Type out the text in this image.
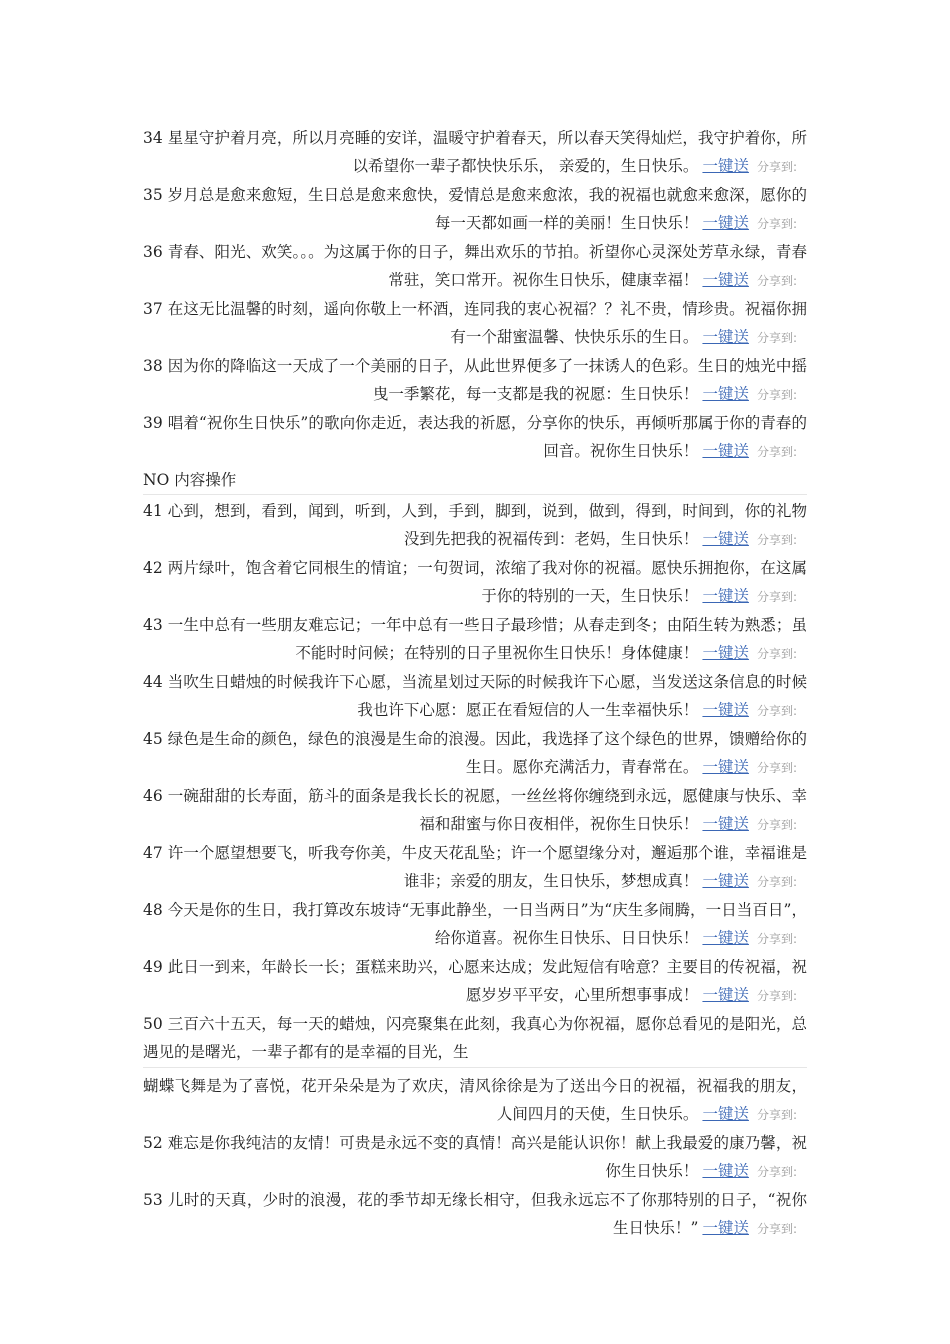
34 星星守护着月亮，所以月亮睡的安详，温暖守护着春天，所以春天笑得灿烂，我守护着你，所以希望你一辈子都快快乐乐， 亲爱的，生日快乐。 一键送 分享到:
35 岁月总是愈来愈短，生日总是愈来愈快，爱情总是愈来愈浓，我的祝福也就愈来愈深，愿你的每一天都如画一样的美丽！生日快乐！ 一键送 分享到:
36 青春、阳光、欢笑。。。为这属于你的日子，舞出欢乐的节拍。祈望你心灵深处芳草永绿，青春常驻，笑口常开。祝你生日快乐，健康幸福！ 一键送 分享到:
37 在这无比温馨的时刻，遥向你敬上一杯酒，连同我的衷心祝福？？礼不贵，情珍贵。祝福你拥有一个甜蜜温馨、快快乐乐的生日。 一键送 分享到:
38 因为你的降临这一天成了一个美丽的日子，从此世界便多了一抹诱人的色彩。生日的烛光中摇曳一季繁花，每一支都是我的祝愿：生日快乐！ 一键送 分享到:
39 唱着“祝你生日快乐”的歌向你走近，表达我的祈愿，分享你的快乐，再倾听那属于你的青春的回音。祝你生日快乐！ 一键送 分享到:
NO 内容操作
41 心到，想到，看到，闻到，听到，人到，手到，脚到，说到，做到，得到，时间到，你的礼物没到先把我的祝福传到：老妈，生日快乐！ 一键送 分享到:
42 两片绿叶，饱含着它同根生的情谊；一句贺词，浓缩了我对你的祝福。愿快乐拥抱你，在这属于你的特别的一天，生日快乐！ 一键送 分享到:
43 一生中总有一些朋友难忘记；一年中总有一些日子最珍惜；从春走到冬；由陌生转为熟悉；虽不能时时问候；在特别的日子里祝你生日快乐！身体健康！ 一键送 分享到:
44 当吹生日蜡烛的时候我许下心愿，当流星划过天际的时候我许下心愿，当发送这条信息的时候我也许下心愿：愿正在看短信的人一生幸福快乐！ 一键送 分享到:
45 绿色是生命的颜色，绿色的浪漫是生命的浪漫。因此，我选择了这个绿色的世界，馈赠给你的生日。愿你充满活力，青春常在。 一键送 分享到:
46 一碗甜甜的长寿面，筋斗的面条是我长长的祝愿，一丝丝将你缠绕到永远，愿健康与快乐、幸福和甜蜜与你日夜相伴，祝你生日快乐！ 一键送 分享到:
47 许一个愿望想要飞，听我夸你美，牛皮天花乱坠；许一个愿望缘分对，邂逅那个谁，幸福谁是谁非；亲爱的朋友，生日快乐，梦想成真！ 一键送 分享到:
48 今天是你的生日，我打算改东坡诗“无事此静坐，一日当两日”为“庆生多闹腾，一日当百日”，给你道喜。祝你生日快乐、日日快乐！ 一键送 分享到:
49 此日一到来，年龄长一长；蛋糕来助兴，心愿来达成；发此短信有啥意？主要目的传祝福，祝愿岁岁平平安，心里所想事事成！ 一键送 分享到:
50 三百六十五天，每一天的蜡烛，闪亮聚集在此刻，我真心为你祝福，愿你总看见的是阳光，总遇见的是曙光，一辈子都有的是幸福的目光，生
蝴蝶飞舞是为了喜悦，花开朵朵是为了欢庆，清风徐徐是为了送出今日的祝福，祝福我的朋友，人间四月的天使，生日快乐。 一键送 分享到:
52 难忘是你我纯洁的友情！可贵是永远不变的真情！高兴是能认识你！献上我最爱的康乃馨，祝你生日快乐！ 一键送 分享到:
53 儿时的天真，少时的浪漫，花的季节却无缘长相守，但我永远忘不了你那特别的日子，“祝你生日快乐！” 一键送 分享到:
